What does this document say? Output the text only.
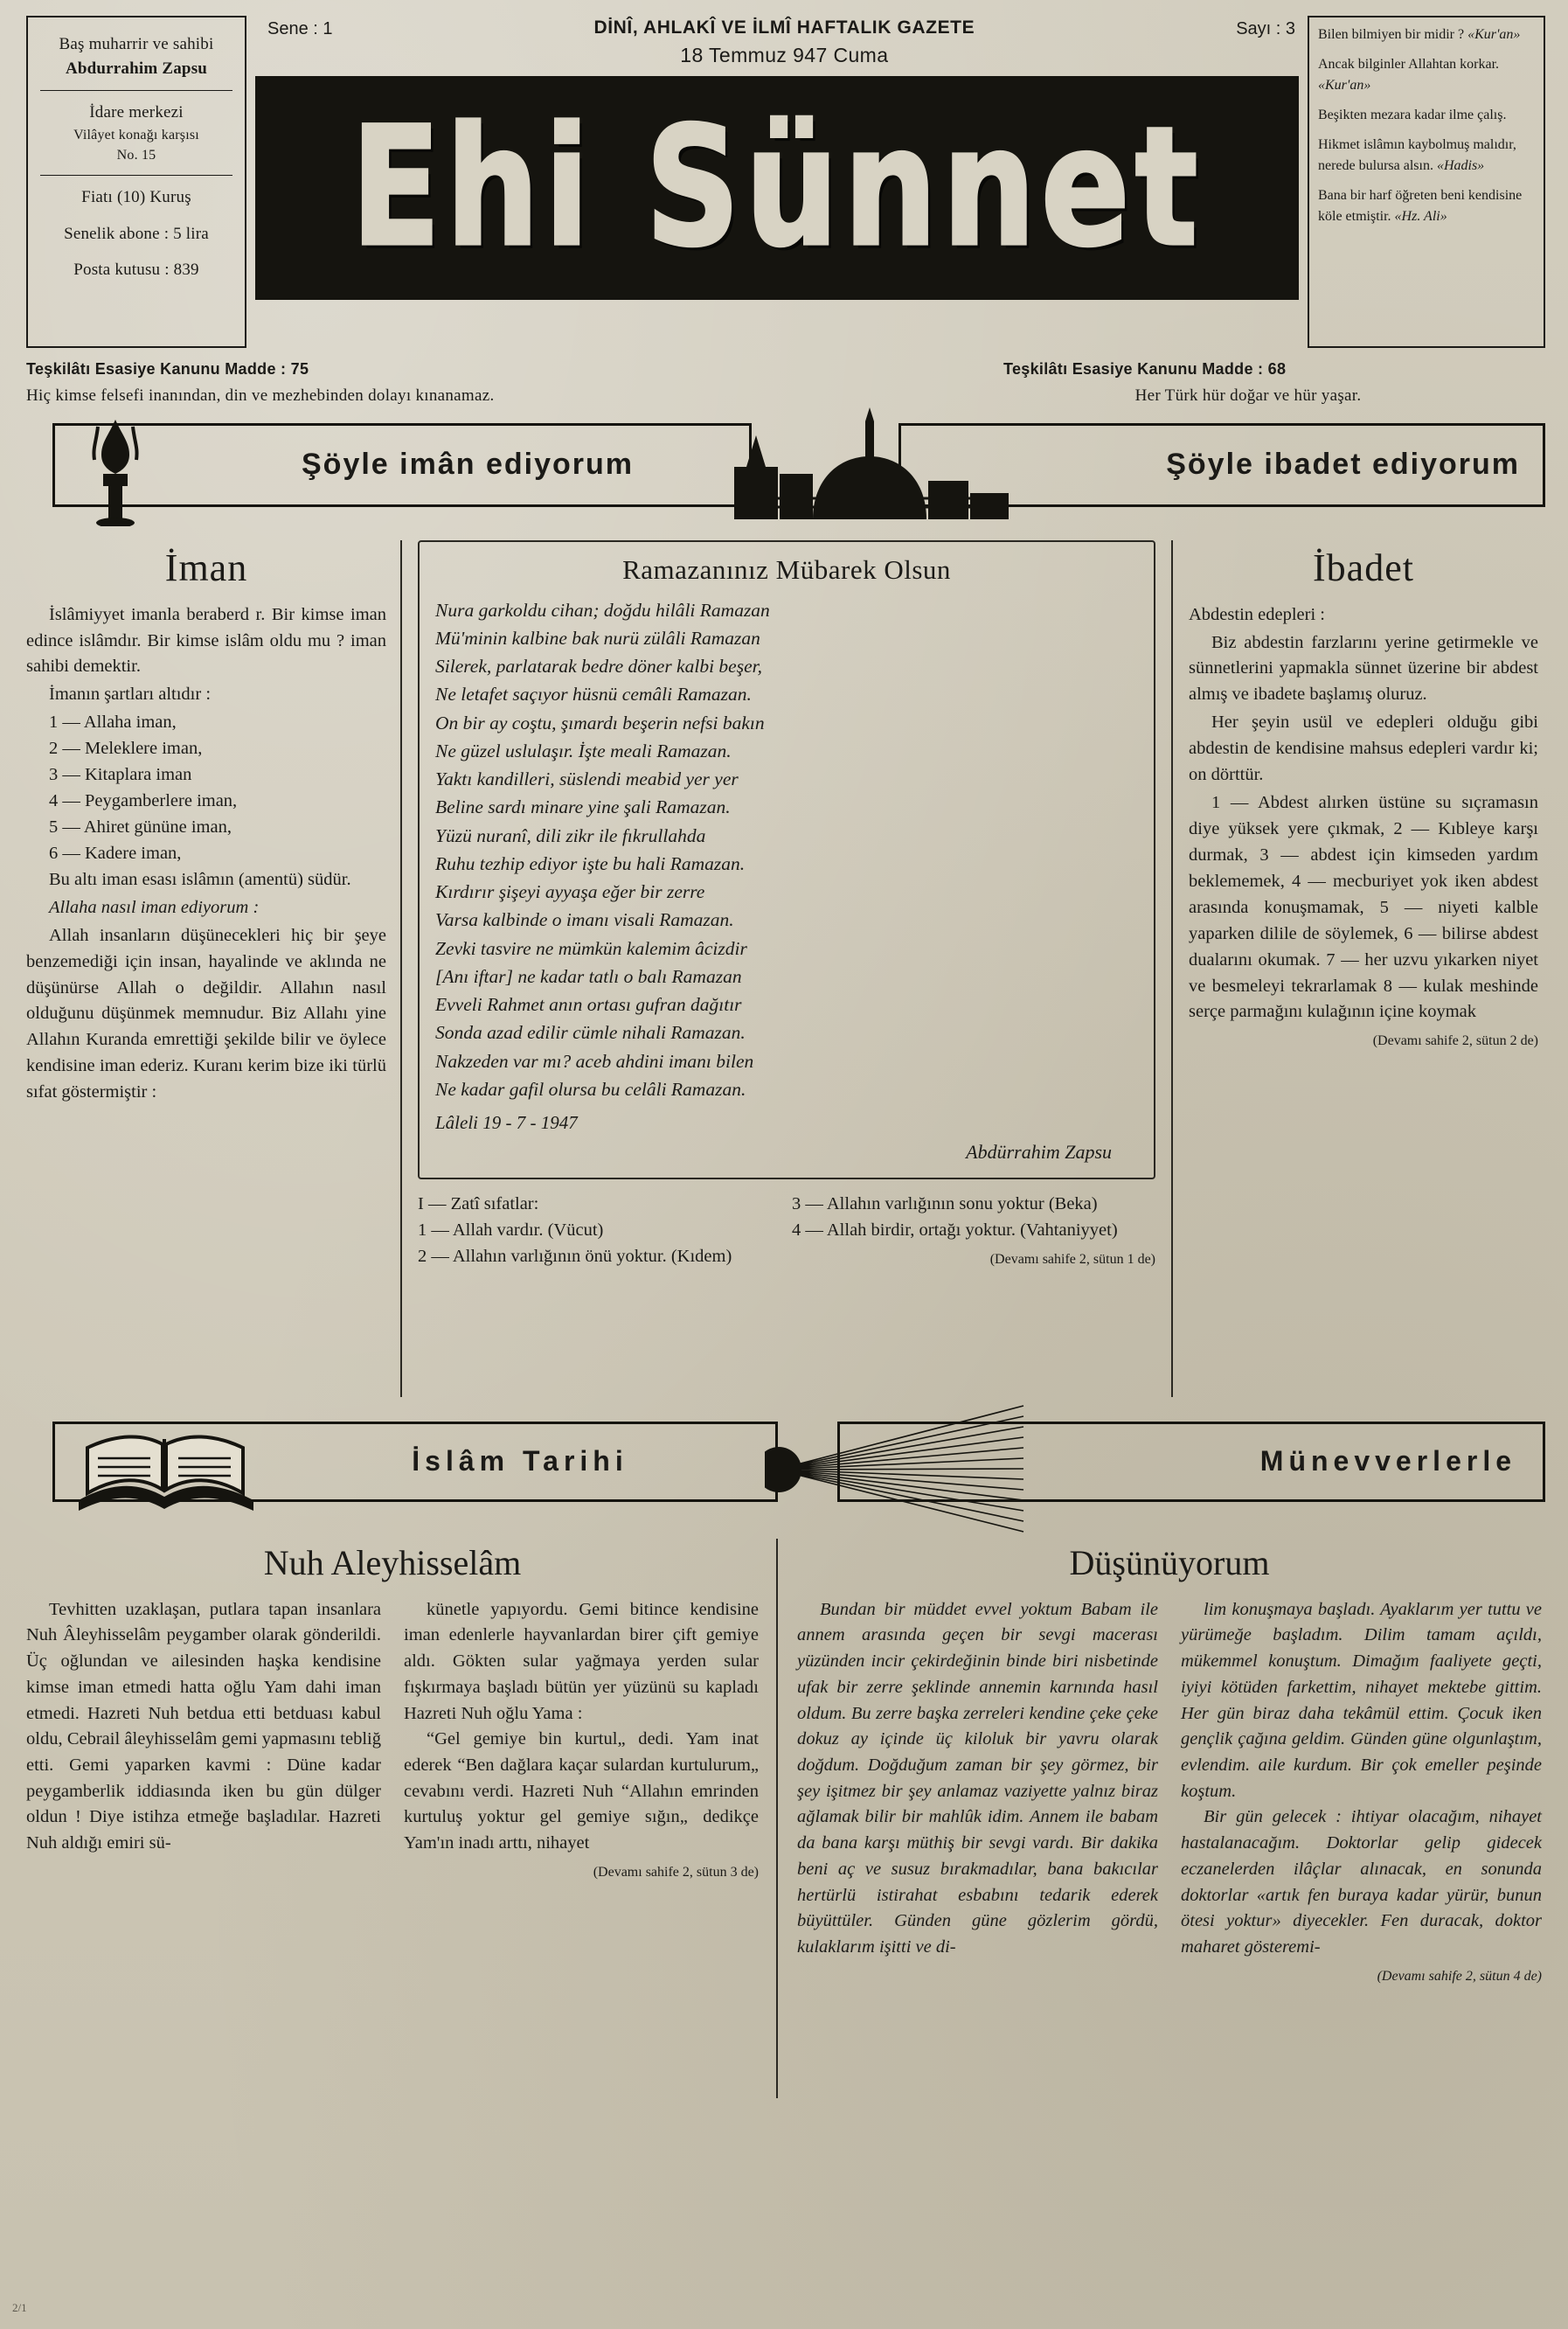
Baş muharrir ve sahibi
Abdurrahim Zapsu
İdare merkezi
Vilâyet konağı karşısı
No. 15
Fiatı (10) Kuruş
Senelik abone : 5 lira
Posta kutusu : 839
Sene : 1	DİNÎ, AHLAKÎ VE İLMÎ HAFTALIK GAZETE
18 Temmuz 947 Cuma
Sayı : 3
Ehi Sünnet

Bilen bilmiyen bir midir ? «Kur'an»

Ancak bilginler Allahtan korkar. «Kur'an»

Beşikten mezara kadar ilme çalış.

Hikmet islâmın kaybolmuş malıdır, nerede bulursa alsın. «Hadis»

Bana bir harf öğreten beni kendisine köle etmiştir. «Hz. Ali»

Teşkilâtı Esasiye Kanunu Madde : 75
Hiç kimse felsefi inanından, din ve mezhebinden dolayı kınanamaz.
Teşkilâtı Esasiye Kanunu Madde : 68
Her Türk hür doğar ve hür yaşar.
Şöyle imân ediyorum	Şöyle ibadet ediyorum
İman

İslâmiyyet imanla beraberd r. Bir kimse iman edince islâmdır. Bir kimse islâm oldu mu ? iman sahibi demektir.

İmanın şartları altıdır :

1 — Allaha iman,
2 — Meleklere iman,
3 — Kitaplara iman
4 — Peygamberlere iman,
5 — Ahiret gününe iman,
6 — Kadere iman,

Bu altı iman esası islâmın (amentü) südür.

Allaha nasıl iman ediyorum :

Allah insanların düşünecekleri hiç bir şeye benzemediği için insan, hayalinde ve aklında ne düşünürse Allah o değildir. Allahın nasıl olduğunu düşünmek memnudur. Biz Allahı yine Allahın Kuranda emrettiği şekilde bilir ve öylece kendisine iman ederiz. Kuranı kerim bize iki türlü sıfat göstermiştir :

Ramazanınız Mübarek Olsun
Nura garkoldu cihan; doğdu hilâli Ramazan
Mü'minin kalbine bak nurü zülâli Ramazan
Silerek, parlatarak bedre döner kalbi beşer,
Ne letafet saçıyor hüsnü cemâli Ramazan.
On bir ay coştu, şımardı beşerin nefsi bakın
Ne güzel uslulaşır. İşte meali Ramazan.
Yaktı kandilleri, süslendi meabid yer yer
Beline sardı minare yine şali Ramazan.
Yüzü nuranî, dili zikr ile fıkrullahda
Ruhu tezhip ediyor işte bu hali Ramazan.
Kırdırır şişeyi ayyaşa eğer bir zerre
Varsa kalbinde o imanı visali Ramazan.
Zevki tasvire ne mümkün kalemim âcizdir
[Anı iftar] ne kadar tatlı o balı Ramazan
Evveli Rahmet anın ortası gufran dağıtır
Sonda azad edilir cümle nihali Ramazan.
Nakzeden var mı? aceb ahdini imanı bilen
Ne kadar gafil olursa bu celâli Ramazan.
Lâleli 19 - 7 - 1947
Abdürrahim Zapsu
I — Zatî sıfatlar:
1 — Allah vardır. (Vücut)
2 — Allahın varlığının önü yoktur. (Kıdem)
3 — Allahın varlığının sonu yoktur (Beka)
4 — Allah birdir, ortağı yoktur. (Vahtaniyyet)
(Devamı sahife 2, sütun 1 de)
İbadet

Abdestin edepleri :

Biz abdestin farzlarını yerine getirmekle ve sünnetlerini yapmakla sünnet üzerine bir abdest almış ve ibadete başlamış oluruz.

Her şeyin usül ve edepleri olduğu gibi abdestin de kendisine mahsus edepleri vardır ki; on dörttür.

1 — Abdest alırken üstüne su sıçramasın diye yüksek yere çıkmak, 2 — Kıbleye karşı durmak, 3 — abdest için kimseden yardım beklememek, 4 — mecburiyet yok iken abdest arasında konuşmamak, 5 — niyeti kalble yaparken dilile de söylemek, 6 — bilirse abdest dualarını okumak. 7 — her uzvu yıkarken niyet ve besmeleyi tekrarlamak 8 — kulak meshinde serçe parmağını kulağının içine koymak

(Devamı sahife 2, sütun 2 de)
İslâm Tarihi	Münevverlerle
Nuh Aleyhisselâm

Tevhitten uzaklaşan, putlara tapan insanlara Nuh Âleyhisselâm peygamber olarak gönderildi. Üç oğlundan ve ailesinden haşka kendisine kimse iman etmedi hatta oğlu Yam dahi iman etmedi. Hazreti Nuh betdua etti betduası kabul oldu, Cebrail âleyhisselâm gemi yapmasını tebliğ etti. Gemi yaparken kavmi : Düne kadar peygamberlik iddiasında iken bu gün dülger oldun ! Diye istihza etmeğe başladılar. Hazreti Nuh aldığı emiri sü-

künetle yapıyordu. Gemi bitince kendisine iman edenlerle hayvanlardan birer çift gemiye aldı. Gökten sular yağmaya yerden sular fışkırmaya başladı bütün yer yüzünü su kapladı Hazreti Nuh oğlu Yama :

“Gel gemiye bin kurtul„ dedi. Yam inat ederek “Ben dağlara kaçar sulardan kurtulurum„ cevabını verdi. Hazreti Nuh “Allahın emrinden kurtuluş yoktur gel gemiye sığın„ dedikçe Yam'ın inadı arttı, nihayet

(Devamı sahife 2, sütun 3 de)
Düşünüyorum

Bundan bir müddet evvel yoktum Babam ile annem arasında geçen bir sevgi macerası yüzünden incir çekirdeğinin binde biri nisbetinde ufak bir zerre şeklinde annemin karnında hasıl oldum. Bu zerre başka zerreleri kendine çeke çeke dokuz ay içinde üç kiloluk bir yavru olarak doğdum. Doğduğum zaman bir şey görmez, bir şey işitmez bir şey anlamaz vaziyette yalnız biraz ağlamak bilir bir mahlûk idim. Annem ile babam da bana karşı müthiş bir sevgi vardı. Bir dakika beni aç ve susuz bırakmadılar, bana bakıcılar hertürlü istirahat esbabını tedarik ederek büyüttüler. Günden güne gözlerim gördü, kulaklarım işitti ve di-

lim konuşmaya başladı. Ayaklarım yer tuttu ve yürümeğe başladım. Dilim tamam açıldı, mükemmel konuştum. Dimağım faaliyete geçti, iyiyi kötüden farkettim, nihayet mektebe gittim. Her gün biraz daha tekâmül ettim. Çocuk iken gençlik çağına geldim. Günden güne olgunlaştım, evlendim. aile kurdum. Bir çok emeller peşinde koştum.

Bir gün gelecek : ihtiyar olacağım, nihayet hastalanacağım. Doktorlar gelip gidecek eczanelerden ilâçlar alınacak, en sonunda doktorlar «artık fen buraya kadar yürür, bunun ötesi yoktur» diyecekler. Fen duracak, doktor maharet gösteremi-

(Devamı sahife 2, sütun 4 de)
2/1
